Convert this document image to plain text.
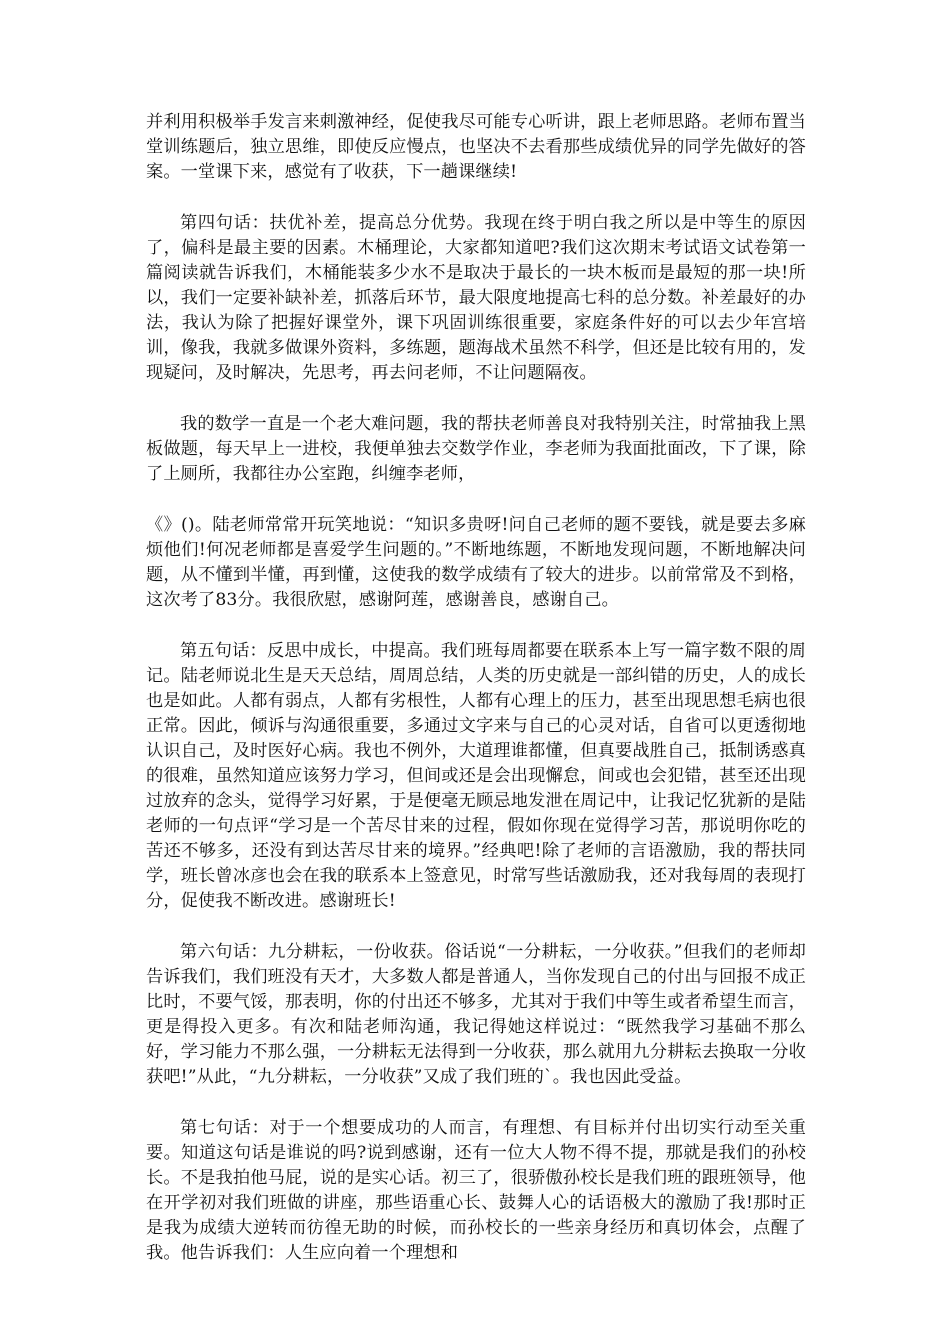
并利用积极举手发言来刺激神经，促使我尽可能专心听讲，跟上老师思路。老师布置当堂训练题后，独立思维，即使反应慢点，也坚决不去看那些成绩优异的同学先做好的答案。一堂课下来，感觉有了收获，下一趟课继续!

第四句话：扶优补差，提高总分优势。我现在终于明白我之所以是中等生的原因了，偏科是最主要的因素。木桶理论，大家都知道吧?我们这次期末考试语文试卷第一篇阅读就告诉我们，木桶能装多少水不是取决于最长的一块木板而是最短的那一块!所以，我们一定要补缺补差，抓落后环节，最大限度地提高七科的总分数。补差最好的办法，我认为除了把握好课堂外，课下巩固训练很重要，家庭条件好的可以去少年宫培训，像我，我就多做课外资料，多练题，题海战术虽然不科学，但还是比较有用的，发现疑问，及时解决，先思考，再去问老师，不让问题隔夜。

我的数学一直是一个老大难问题，我的帮扶老师善良对我特别关注，时常抽我上黑板做题，每天早上一进校，我便单独去交数学作业，李老师为我面批面改，下了课，除了上厕所，我都往办公室跑，纠缠李老师，

《》()。陆老师常常开玩笑地说：“知识多贵呀!问自己老师的题不要钱，就是要去多麻烦他们!何况老师都是喜爱学生问题的。”不断地练题，不断地发现问题，不断地解决问题，从不懂到半懂，再到懂，这使我的数学成绩有了较大的进步。以前常常及不到格，这次考了83分。我很欣慰，感谢阿莲，感谢善良，感谢自己。

第五句话：反思中成长，中提高。我们班每周都要在联系本上写一篇字数不限的周记。陆老师说北生是天天总结，周周总结，人类的历史就是一部纠错的历史，人的成长也是如此。人都有弱点，人都有劣根性，人都有心理上的压力，甚至出现思想毛病也很正常。因此，倾诉与沟通很重要，多通过文字来与自己的心灵对话，自省可以更透彻地认识自己，及时医好心病。我也不例外，大道理谁都懂，但真要战胜自己，抵制诱惑真的很难，虽然知道应该努力学习，但间或还是会出现懈怠，间或也会犯错，甚至还出现过放弃的念头，觉得学习好累，于是便毫无顾忌地发泄在周记中，让我记忆犹新的是陆老师的一句点评“学习是一个苦尽甘来的过程，假如你现在觉得学习苦，那说明你吃的苦还不够多，还没有到达苦尽甘来的境界。”经典吧!除了老师的言语激励，我的帮扶同学，班长曾冰彦也会在我的联系本上签意见，时常写些话激励我，还对我每周的表现打分，促使我不断改进。感谢班长!

第六句话：九分耕耘，一份收获。俗话说“一分耕耘，一分收获。”但我们的老师却告诉我们，我们班没有天才，大多数人都是普通人，当你发现自己的付出与回报不成正比时，不要气馁，那表明，你的付出还不够多，尤其对于我们中等生或者希望生而言，更是得投入更多。有次和陆老师沟通，我记得她这样说过：“既然我学习基础不那么好，学习能力不那么强，一分耕耘无法得到一分收获，那么就用九分耕耘去换取一分收获吧!”从此，“九分耕耘，一分收获”又成了我们班的`。我也因此受益。

第七句话：对于一个想要成功的人而言，有理想、有目标并付出切实行动至关重要。知道这句话是谁说的吗?说到感谢，还有一位大人物不得不提，那就是我们的孙校长。不是我拍他马屁，说的是实心话。初三了，很骄傲孙校长是我们班的跟班领导，他在开学初对我们班做的讲座，那些语重心长、鼓舞人心的话语极大的激励了我!那时正是我为成绩大逆转而彷徨无助的时候，而孙校长的一些亲身经历和真切体会，点醒了我。他告诉我们：人生应向着一个理想和
